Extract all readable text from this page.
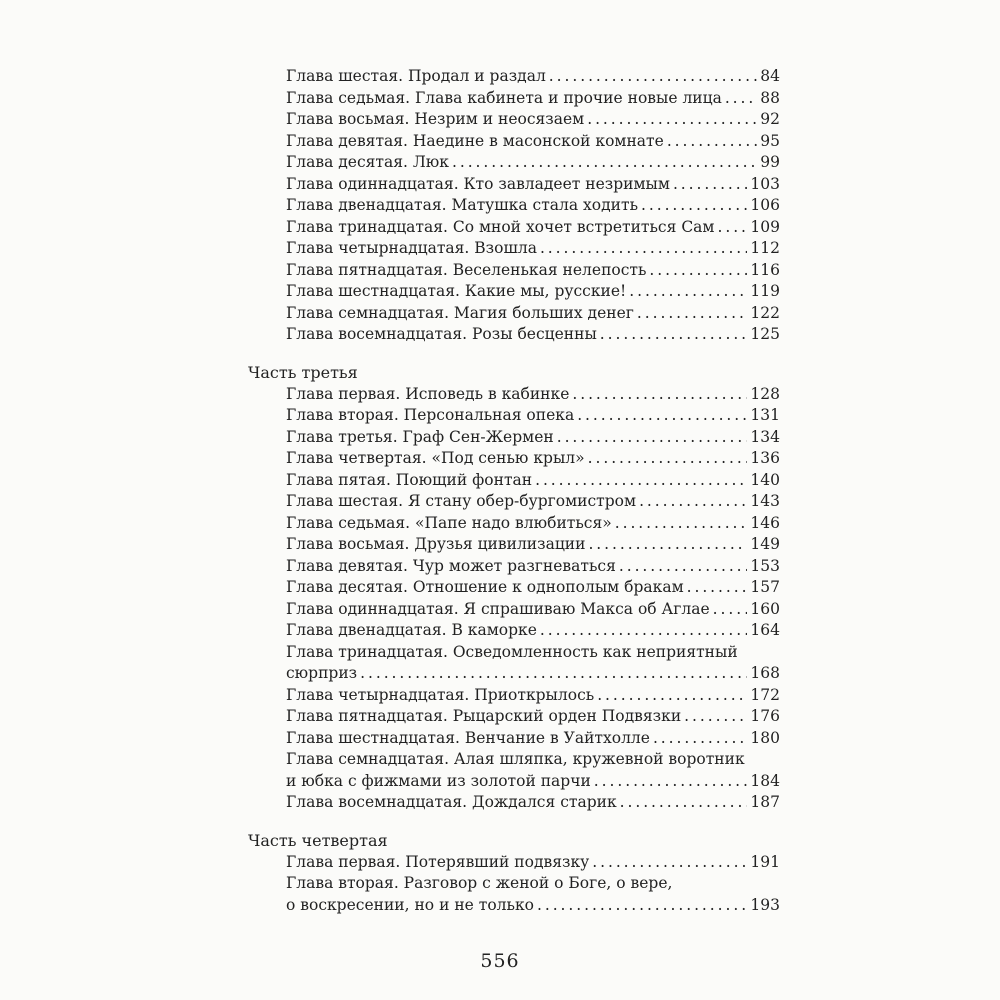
Глава шестая. Продал и раздал . . .	84
Глава седьмая. Глава кабинета и прочие новые лица . . . 88
Глава восьмая. Незрим и неосязаем . . .	92
Глава девятая. Наедине в масонской комнате . . .	95
Глава десятая. Люк . . .	99
Глава одиннадцатая. Кто завладеет незримым . . .	103
Глава двенадцатая. Матушка стала ходить . . .	106
Глава тринадцатая. Со мной хочет встретиться Сам . . . 109
Глава четырнадцатая. Взошла . . .	112
Глава пятнадцатая. Веселенькая нелепость . . .	116
Глава шестнадцатая. Какие мы, русские! . . .	119
Глава семнадцатая. Магия больших денег . . .	122
Глава восемнадцатая. Розы бесценны . . .	125
Часть третья
Глава первая. Исповедь в кабинке . . .	128
Глава вторая. Персональная опека . . .	131
Глава третья. Граф Сен-Жермен . . .	134
Глава четвертая. «Под сенью крыл» . . .	136
Глава пятая. Поющий фонтан . . .	140
Глава шестая. Я стану обер-бургомистром . . .	143
Глава седьмая. «Папе надо влюбиться» . . .	146
Глава восьмая. Друзья цивилизации . . .	149
Глава девятая. Чур может разгневаться . . .	153
Глава десятая. Отношение к однополым бракам . . .	157
Глава одиннадцатая. Я спрашиваю Макса об Аглае . . .	160
Глава двенадцатая. В каморке . . .	164
Глава тринадцатая. Осведомленность как неприятный
сюрприз . . .	168
Глава четырнадцатая. Приоткрылось . . .	172
Глава пятнадцатая. Рыцарский орден Подвязки . . .	176
Глава шестнадцатая. Венчание в Уайтхолле . . .	180
Глава семнадцатая. Алая шляпка, кружевной воротник
и юбка с фижмами из золотой парчи . . .	184
Глава восемнадцатая. Дождался старик . . .	187
Часть четвертая
Глава первая. Потерявший подвязку . . .	191
Глава вторая. Разговор с женой о Боге, о вере,
о воскресении, но и не только . . .	193
556
